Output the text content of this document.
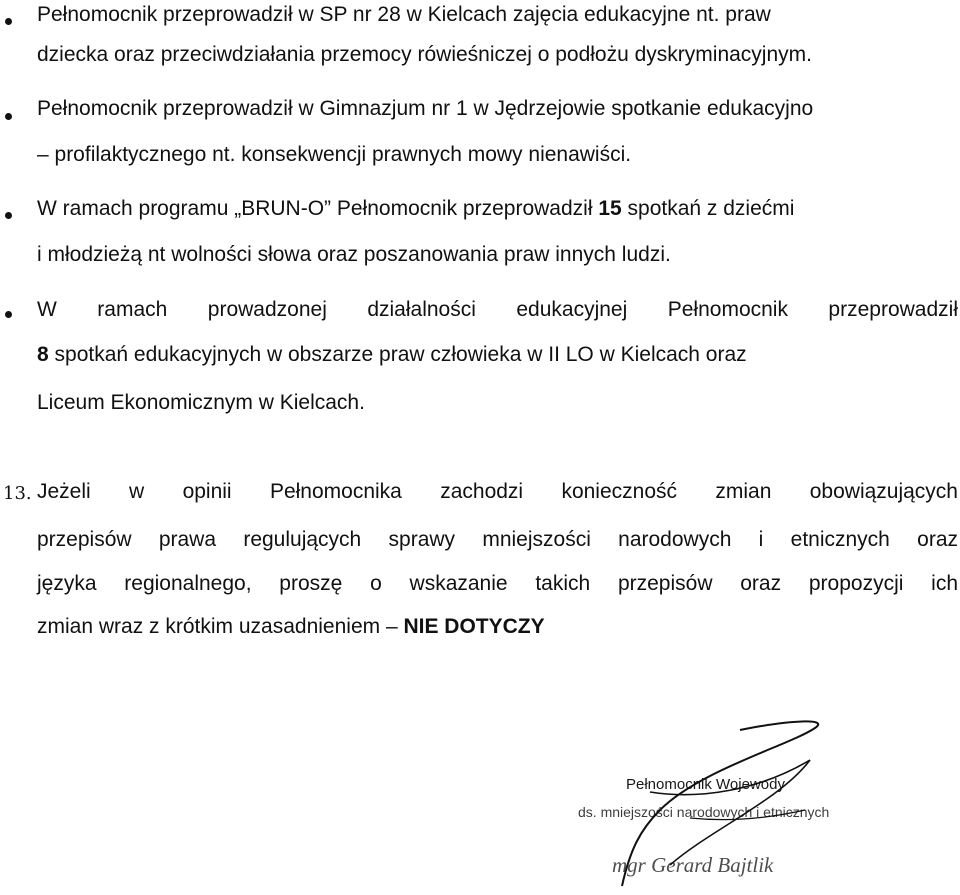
Pełnomocnik przeprowadził w SP nr 28 w Kielcach zajęcia edukacyjne nt. praw
dziecka oraz przeciwdziałania przemocy rówieśniczej o podłożu dyskryminacyjnym.
Pełnomocnik przeprowadził w Gimnazjum nr 1 w Jędrzejowie spotkanie edukacyjno
– profilaktycznego nt. konsekwencji prawnych mowy nienawiści.
W ramach programu „BRUN-O” Pełnomocnik przeprowadził 15 spotkań z dziećmi
i młodzieżą nt wolności słowa oraz poszanowania praw innych ludzi.
W ramach prowadzonej działalności edukacyjnej Pełnomocnik przeprowadził
8 spotkań edukacyjnych w obszarze praw człowieka w II LO w Kielcach oraz
Liceum Ekonomicznym w Kielcach.
13. Jeżeli w opinii Pełnomocnika zachodzi konieczność zmian obowiązujących
przepisów prawa regulujących sprawy mniejszości narodowych i etnicznych oraz
języka regionalnego, proszę o wskazanie takich przepisów oraz propozycji ich
zmian wraz z krótkim uzasadnieniem – NIE DOTYCZY
Pełnomocnik Wojewody
ds. mniejszości narodowych i etnicznych
mgr Gerard Bajtlik
